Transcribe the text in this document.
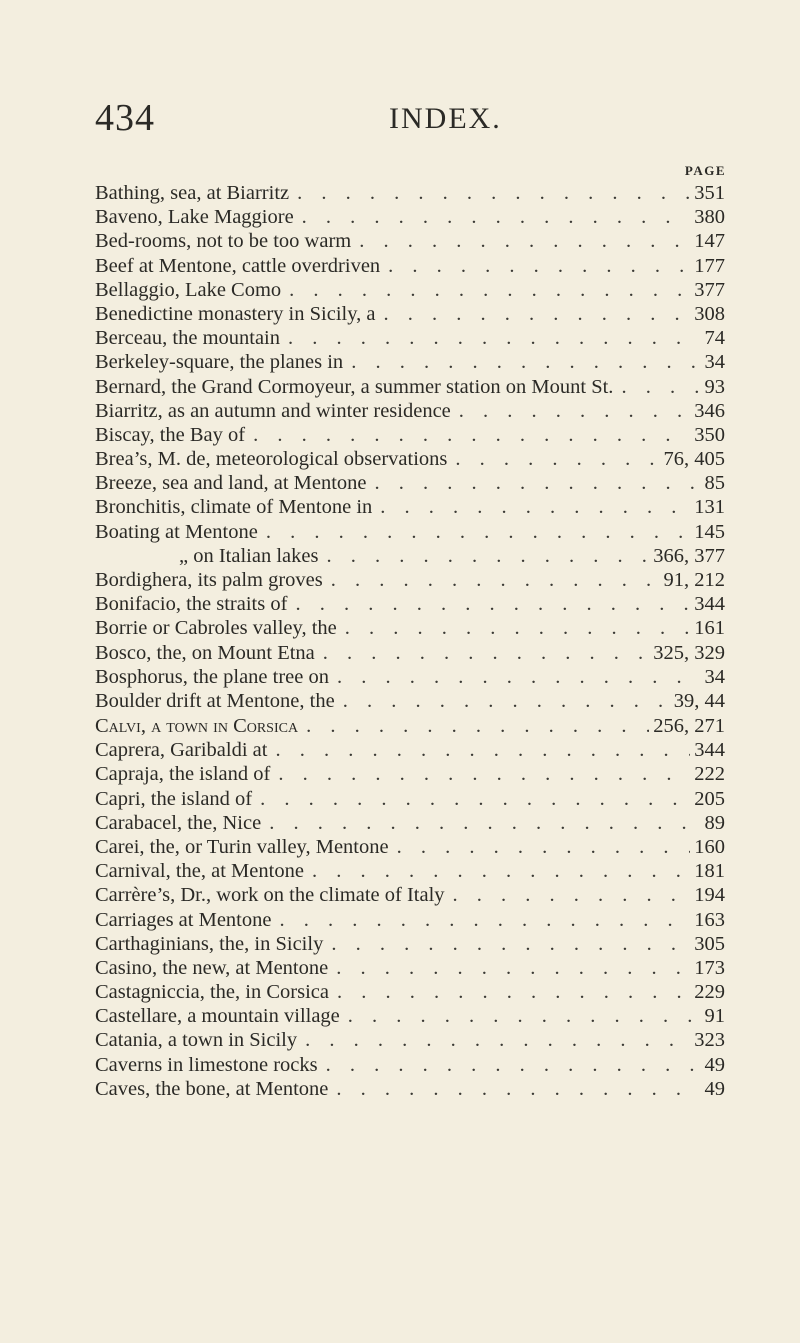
434	INDEX.
PAGE
Bathing, sea, at Biarritz . . .	351
Baveno, Lake Maggiore . . .	380
Bed-rooms, not to be too warm . . .	147
Beef at Mentone, cattle overdriven . . .	177
Bellaggio, Lake Como . . .	377
Benedictine monastery in Sicily, a . . .	308
Berceau, the mountain . . .	74
Berkeley-square, the planes in . . .	34
Bernard, the Grand Cormoyeur, a summer station on Mount St. . . .	93
Biarritz, as an autumn and winter residence . . .	346
Biscay, the Bay of . . .	350
Brea’s, M. de, meteorological observations . . .	76, 405
Breeze, sea and land, at Mentone . . .	85
Bronchitis, climate of Mentone in . . .	131
Boating at Mentone . . .	145
„ on Italian lakes . . .	366, 377
Bordighera, its palm groves . . .	91, 212
Bonifacio, the straits of . . .	344
Borrie or Cabroles valley, the . . .	161
Bosco, the, on Mount Etna . . .	325, 329
Bosphorus, the plane tree on . . .	34
Boulder drift at Mentone, the . . .	39, 44
Calvi, a town in Corsica . . .	256, 271
Caprera, Garibaldi at . . .	344
Capraja, the island of . . .	222
Capri, the island of . . .	205
Carabacel, the, Nice . . .	89
Carei, the, or Turin valley, Mentone . . .	160
Carnival, the, at Mentone . . .	181
Carrère’s, Dr., work on the climate of Italy . . .	194
Carriages at Mentone . . .	163
Carthaginians, the, in Sicily . . .	305
Casino, the new, at Mentone . . .	173
Castagniccia, the, in Corsica . . .	229
Castellare, a mountain village . . .	91
Catania, a town in Sicily . . .	323
Caverns in limestone rocks . . .	49
Caves, the bone, at Mentone . . .	49
